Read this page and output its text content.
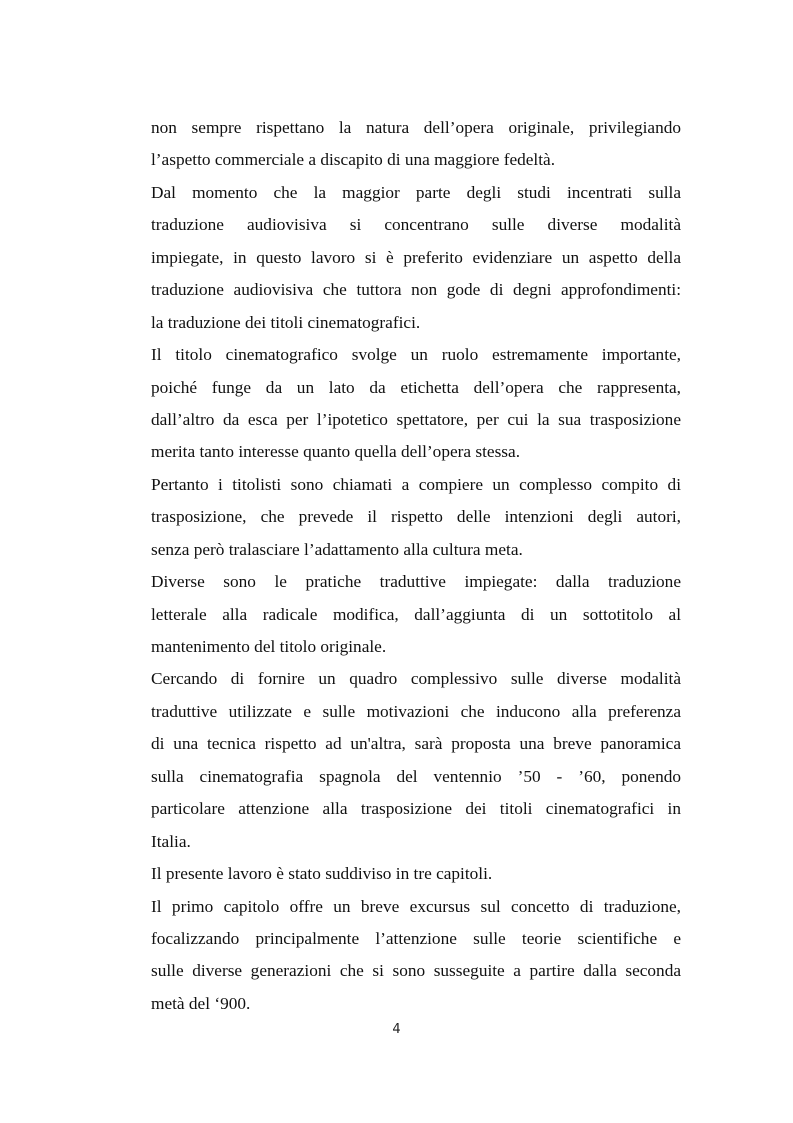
non sempre rispettano la natura dell’opera originale, privilegiando
l’aspetto commerciale a discapito di una maggiore fedeltà.
Dal momento che la maggior parte degli studi incentrati sulla
traduzione audiovisiva si concentrano sulle diverse modalità
impiegate, in questo lavoro si è preferito evidenziare un aspetto della
traduzione audiovisiva che tuttora non gode di degni approfondimenti:
la traduzione dei titoli cinematografici.
Il titolo cinematografico svolge un ruolo estremamente importante,
poiché funge da un lato da etichetta dell’opera che rappresenta,
dall’altro da esca per l’ipotetico spettatore, per cui la sua trasposizione
merita tanto interesse quanto quella dell’opera stessa.
Pertanto i titolisti sono chiamati a compiere un complesso compito di
trasposizione, che prevede il rispetto delle intenzioni degli autori,
senza però tralasciare l’adattamento alla cultura meta.
Diverse sono le pratiche traduttive impiegate: dalla traduzione
letterale alla radicale modifica, dall’aggiunta di un sottotitolo al
mantenimento del titolo originale.
Cercando di fornire un quadro complessivo sulle diverse modalità
traduttive utilizzate e sulle motivazioni che inducono alla preferenza
di una tecnica rispetto ad un'altra, sarà proposta una breve panoramica
sulla cinematografia spagnola del ventennio ’50 - ’60, ponendo
particolare attenzione alla trasposizione dei titoli cinematografici in
Italia.
Il presente lavoro è stato suddiviso in tre capitoli.
Il primo capitolo offre un breve excursus sul concetto di traduzione,
focalizzando principalmente l’attenzione sulle teorie scientifiche e
sulle diverse generazioni che si sono susseguite a partire dalla seconda
metà del ‘900.
4
